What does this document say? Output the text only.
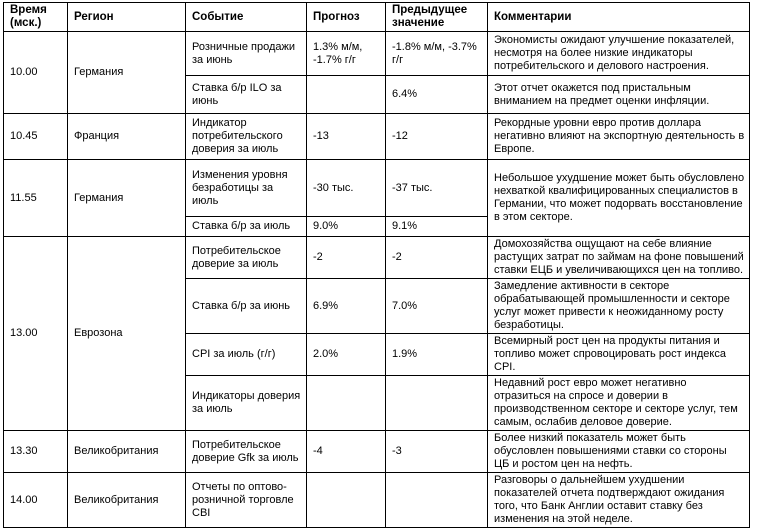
Время (мск.)	Регион	Событие	Прогноз	Предыдущее значение	Комментарии
10.00	Германия	Розничные продажи за июнь	1.3% м/м, -1.7% г/г	-1.8% м/м, -3.7% г/г	Экономисты ожидают улучшение показателей, несмотря на более низкие индикаторы потребительского и делового настроения.
		Ставка б/р ILO за июнь		6.4%	Этот отчет окажется под пристальным вниманием на предмет оценки инфляции.
10.45	Франция	Индикатор потребительского доверия за июль	-13	-12	Рекордные уровни евро против доллара негативно влияют на экспортную деятельность в Европе.
11.55	Германия	Изменения уровня безработицы за июль	-30 тыс.	-37 тыс.	Небольшое ухудшение может быть обусловлено нехваткой квалифицированных специалистов в Германии, что может подорвать восстановление в этом секторе.
		Ставка б/р за июль	9.0%	9.1%	
13.00	Еврозона	Потребительское доверие за июль	-2	-2	Домохозяйства ощущают на себе влияние растущих затрат по займам на фоне повышений ставки ЕЦБ и увеличивающихся цен на топливо.
		Ставка б/р за июнь	6.9%	7.0%	Замедление активности в секторе обрабатывающей промышленности и секторе услуг может привести к неожиданному росту безработицы.
		CPI за июль (г/г)	2.0%	1.9%	Всемирный рост цен на продукты питания и топливо может спровоцировать рост индекса CPI.
		Индикаторы доверия за июль			Недавний рост евро может негативно отразиться на спросе и доверии в производственном секторе и секторе услуг, тем самым, ослабив деловое доверие.
13.30	Великобритания	Потребительское доверие Gfk за июль	-4	-3	Более низкий показатель может быть обусловлен повышениями ставки со стороны ЦБ и ростом цен на нефть.
14.00	Великобритания	Отчеты по оптово-розничной торговле CBI			Разговоры о дальнейшем ухудшении показателей отчета подтверждают ожидания того, что Банк Англии оставит ставку без изменения на этой неделе.
